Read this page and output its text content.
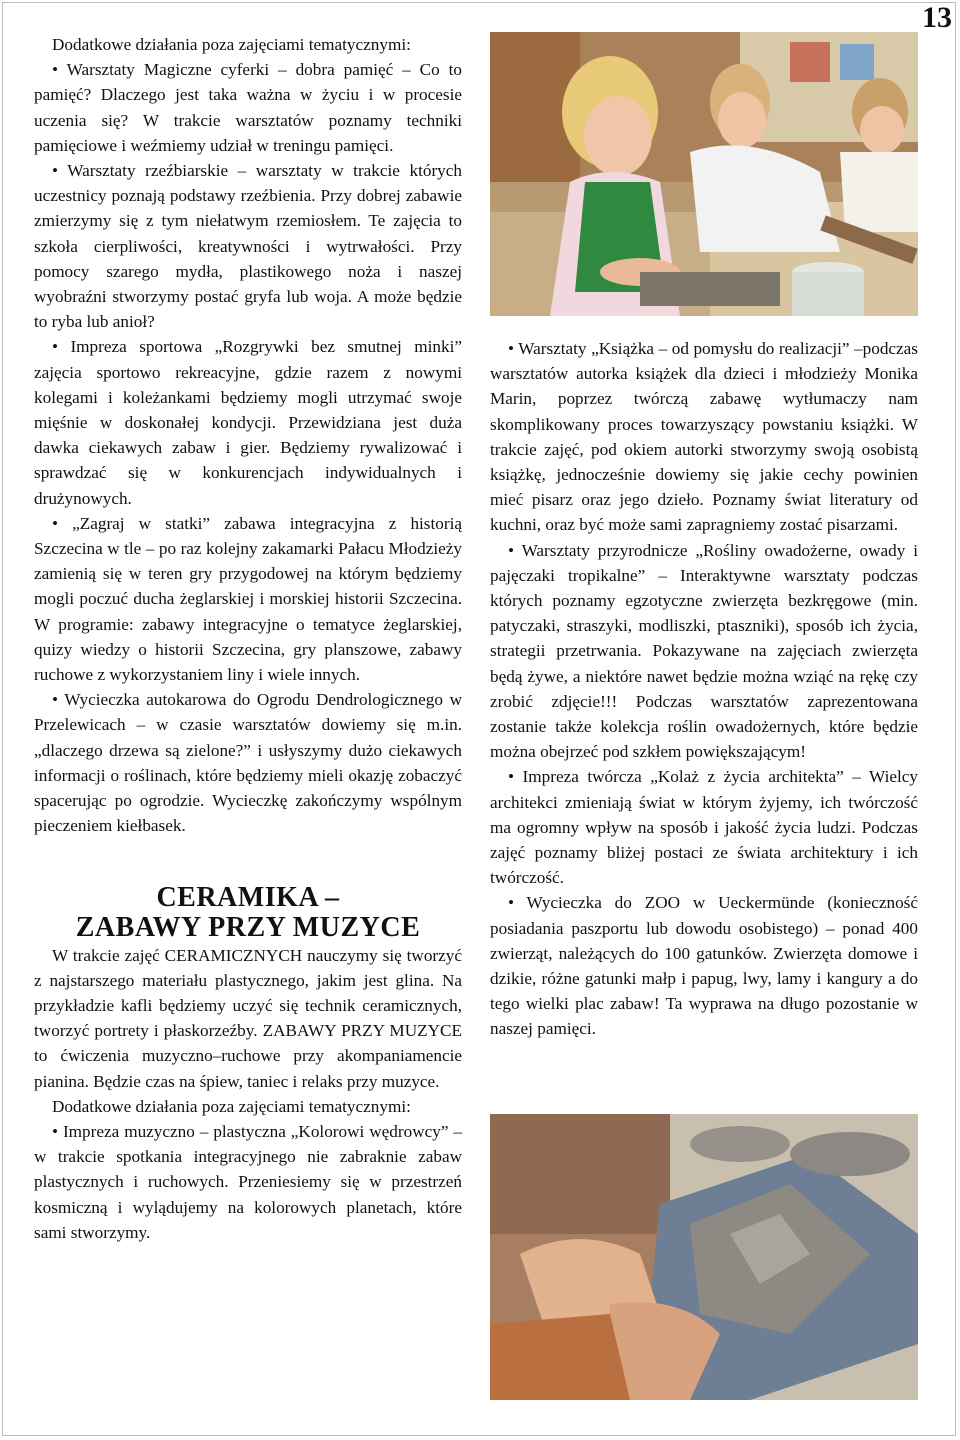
13

Dodatkowe działania poza zajęciami tematycznymi:

• Warsztaty Magiczne cyferki – dobra pamięć – Co to pamięć? Dlaczego jest taka ważna w życiu i w procesie uczenia się? W trakcie warsztatów poznamy techniki pamięciowe i weźmiemy udział w treningu pamięci.

• Warsztaty rzeźbiarskie – warsztaty w trakcie których uczestnicy poznają podstawy rzeźbienia. Przy dobrej zabawie zmierzymy się z tym niełatwym rzemiosłem. Te zajęcia to szkoła cierpliwości, kreatywności i wytrwałości. Przy pomocy szarego mydła, plastikowego noża i naszej wyobraźni stworzymy postać gryfa lub woja. A może będzie to ryba lub anioł?

• Impreza sportowa „Rozgrywki bez smutnej minki” zajęcia sportowo rekreacyjne, gdzie razem z nowymi kolegami i koleżankami będziemy mogli utrzymać swoje mięśnie w doskonałej kondycji. Przewidziana jest duża dawka ciekawych zabaw i gier. Będziemy rywalizować i sprawdzać się w konkurencjach indywidualnych i drużynowych.

• „Zagraj w statki” zabawa integracyjna z historią Szczecina w tle – po raz kolejny zakamarki Pałacu Młodzieży zamienią się w teren gry przygodowej na którym będziemy mogli poczuć ducha żeglarskiej i morskiej historii Szczecina. W programie: zabawy integracyjne o tematyce żeglarskiej, quizy wiedzy o historii Szczecina, gry planszowe, zabawy ruchowe z wykorzystaniem liny i wiele innych.

• Wycieczka autokarowa do Ogrodu Dendrologicznego w Przelewicach – w czasie warsztatów dowiemy się m.in. „dlaczego drzewa są zielone?” i usłyszymy dużo ciekawych informacji o roślinach, które będziemy mieli okazję zobaczyć spacerując po ogrodzie. Wycieczkę zakończymy wspólnym pieczeniem kiełbasek.

CERAMIKA –
ZABAWY PRZY MUZYCE

W trakcie zajęć CERAMICZNYCH nauczymy się tworzyć z najstarszego materiału plastycznego, jakim jest glina. Na przykładzie kafli będziemy uczyć się technik ceramicznych, tworzyć portrety i płaskorzeźby. ZABAWY PRZY MUZYCE to ćwiczenia muzyczno–ruchowe przy akompaniamencie pianina. Będzie czas na śpiew, taniec i relaks przy muzyce.

Dodatkowe działania poza zajęciami tematycznymi:

• Impreza muzyczno – plastyczna „Kolorowi wędrowcy” – w trakcie spotkania integracyjnego nie zabraknie zabaw plastycznych i ruchowych. Przeniesiemy się w przestrzeń kosmiczną i wylądujemy na kolorowych planetach, które sami stworzymy.

• Warsztaty „Książka – od pomysłu do realizacji” –podczas warsztatów autorka książek dla dzieci i młodzieży Monika Marin, poprzez twórczą zabawę wytłumaczy nam skomplikowany proces towarzyszący powstaniu książki. W trakcie zajęć, pod okiem autorki stworzymy swoją osobistą książkę, jednocześnie dowiemy się jakie cechy powinien mieć pisarz oraz jego dzieło. Poznamy świat literatury od kuchni, oraz być może sami zapragniemy zostać pisarzami.

• Warsztaty przyrodnicze „Rośliny owadożerne, owady i pajęczaki tropikalne” – Interaktywne warsztaty podczas których poznamy egzotyczne zwierzęta bezkręgowe (min. patyczaki, straszyki, modliszki, ptaszniki), sposób ich życia, strategii przetrwania. Pokazywane na zajęciach zwierzęta będą żywe, a niektóre nawet będzie można wziąć na rękę czy zrobić zdjęcie!!! Podczas warsztatów zaprezentowana zostanie także kolekcja roślin owadożernych, które będzie można obejrzeć pod szkłem powiększającym!

• Impreza twórcza „Kolaż z życia architekta” – Wielcy architekci zmieniają świat w którym żyjemy, ich twórczość ma ogromny wpływ na sposób i jakość życia ludzi. Podczas zajęć poznamy bliżej postaci ze świata architektury i ich twórczość.

• Wycieczka do ZOO w Ueckermünde (konieczność posiadania paszportu lub dowodu osobistego) – ponad 400 zwierząt, należących do 100 gatunków. Zwierzęta domowe i dzikie, różne gatunki małp i papug, lwy, lamy i kangury a do tego wielki plac zabaw! Ta wyprawa na długo pozostanie w naszej pamięci.
